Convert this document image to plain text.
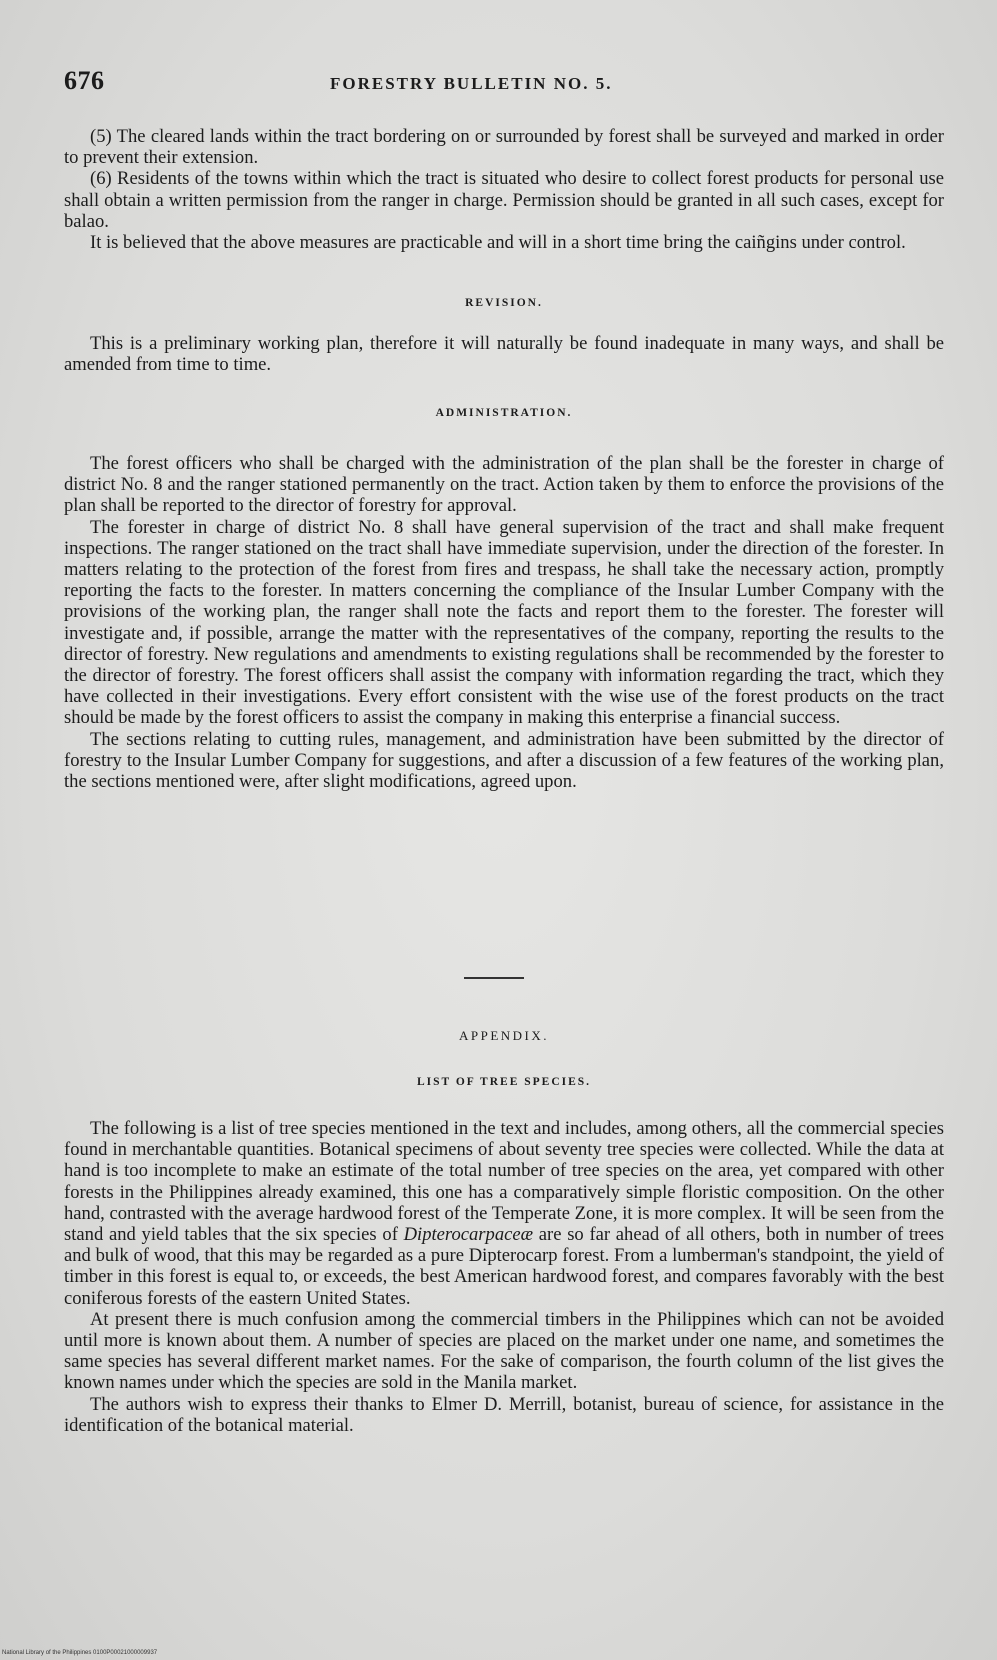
676	FORESTRY BULLETIN NO. 5.

(5) The cleared lands within the tract bordering on or surrounded by forest shall be surveyed and marked in order to prevent their extension.

(6) Residents of the towns within which the tract is situated who desire to collect forest products for personal use shall obtain a written permission from the ranger in charge. Permission should be granted in all such cases, except for balao.

It is believed that the above measures are practicable and will in a short time bring the caiñgins under control.

REVISION.

This is a preliminary working plan, therefore it will naturally be found inadequate in many ways, and shall be amended from time to time.

ADMINISTRATION.

The forest officers who shall be charged with the administration of the plan shall be the forester in charge of district No. 8 and the ranger stationed permanently on the tract. Action taken by them to enforce the provisions of the plan shall be reported to the director of forestry for approval.

The forester in charge of district No. 8 shall have general supervision of the tract and shall make frequent inspections. The ranger stationed on the tract shall have immediate supervision, under the direction of the forester. In matters relating to the protection of the forest from fires and trespass, he shall take the necessary action, promptly reporting the facts to the forester. In matters concerning the compliance of the Insular Lumber Company with the provisions of the working plan, the ranger shall note the facts and report them to the forester. The forester will investigate and, if possible, arrange the matter with the representatives of the company, reporting the results to the director of forestry. New regulations and amendments to existing regulations shall be recommended by the forester to the director of forestry. The forest officers shall assist the company with information regarding the tract, which they have collected in their investigations. Every effort consistent with the wise use of the forest products on the tract should be made by the forest officers to assist the company in making this enterprise a financial success.

The sections relating to cutting rules, management, and administration have been submitted by the director of forestry to the Insular Lumber Company for suggestions, and after a discussion of a few features of the working plan, the sections mentioned were, after slight modifications, agreed upon.

APPENDIX.
LIST OF TREE SPECIES.

The following is a list of tree species mentioned in the text and includes, among others, all the commercial species found in merchantable quantities. Botanical specimens of about seventy tree species were collected. While the data at hand is too incomplete to make an estimate of the total number of tree species on the area, yet compared with other forests in the Philippines already examined, this one has a comparatively simple floristic composition. On the other hand, contrasted with the average hardwood forest of the Temperate Zone, it is more complex. It will be seen from the stand and yield tables that the six species of Dipterocarpaceæ are so far ahead of all others, both in number of trees and bulk of wood, that this may be regarded as a pure Dipterocarp forest. From a lumberman's standpoint, the yield of timber in this forest is equal to, or exceeds, the best American hardwood forest, and compares favorably with the best coniferous forests of the eastern United States.

At present there is much confusion among the commercial timbers in the Philippines which can not be avoided until more is known about them. A number of species are placed on the market under one name, and sometimes the same species has several different market names. For the sake of comparison, the fourth column of the list gives the known names under which the species are sold in the Manila market.

The authors wish to express their thanks to Elmer D. Merrill, botanist, bureau of science, for assistance in the identification of the botanical material.

National Library of the Philippines 0100P00021000009937
